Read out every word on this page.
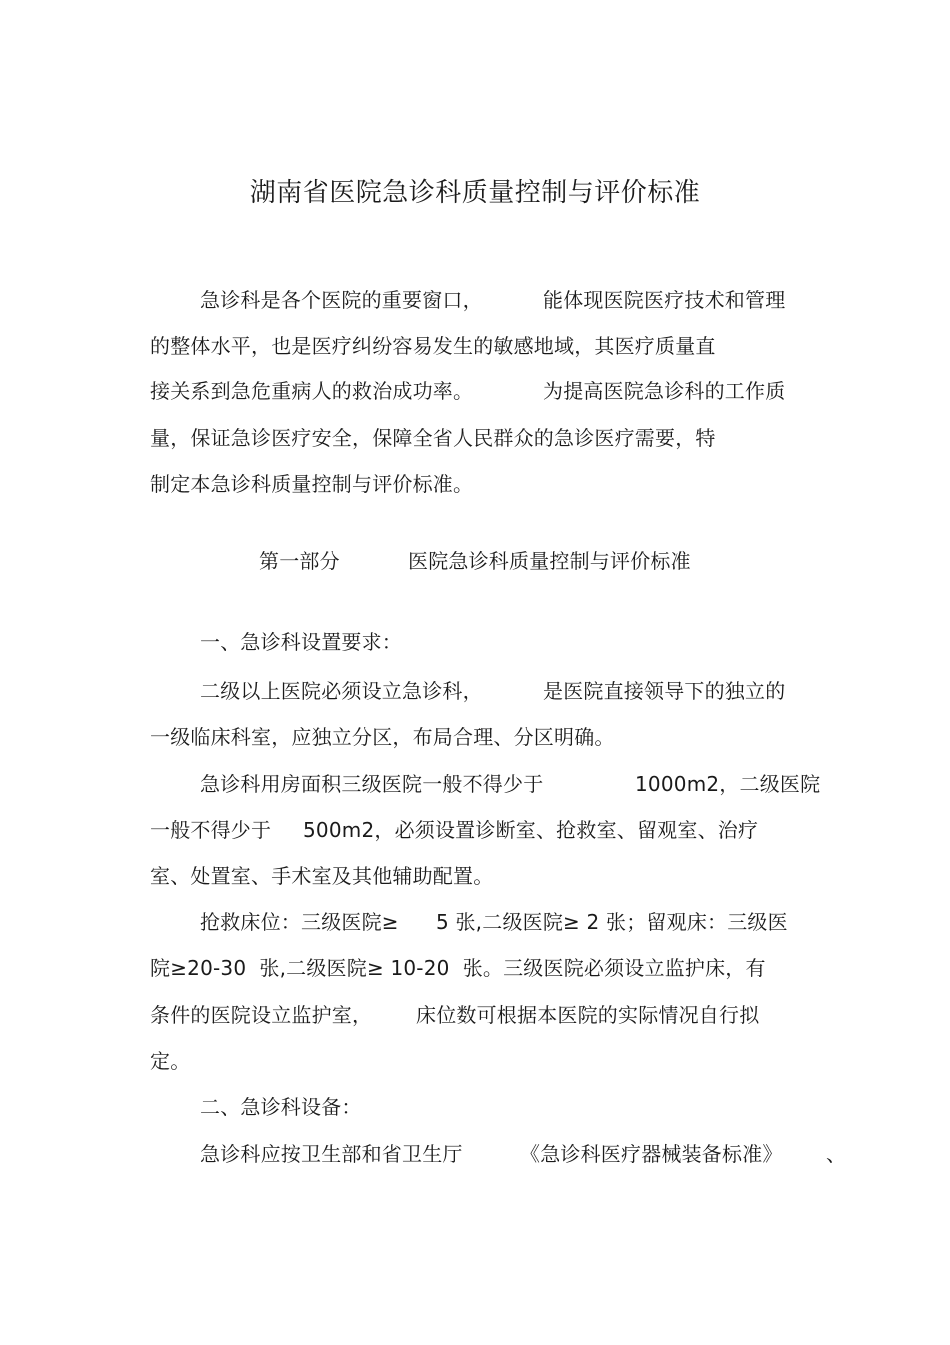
湖南省医院急诊科质量控制与评价标准
急诊科是各个医院的重要窗口，	能体现医院医疗技术和管理
的整体水平，也是医疗纠纷容易发生的敏感地域，其医疗质量直
接关系到急危重病人的救治成功率。	为提高医院急诊科的工作质
量，保证急诊医疗安全，保障全省人民群众的急诊医疗需要，特
制定本急诊科质量控制与评价标准。
第一部分	医院急诊科质量控制与评价标准
一、急诊科设置要求：
二级以上医院必须设立急诊科，	是医院直接领导下的独立的
一级临床科室，应独立分区，布局合理、分区明确。
急诊科用房面积三级医院一般不得少于	1000m2，二级医院
一般不得少于 500m2，必须设置诊断室、抢救室、留观室、治疗
室、处置室、手术室及其他辅助配置。
抢救床位：三级医院≥ 5 张,二级医院≥ 2 张；留观床：三级医
院≥20-30  张,二级医院≥ 10-20  张。三级医院必须设立监护床，有
条件的医院设立监护室， 床位数可根据本医院的实际情况自行拟
定。
二、急诊科设备：
急诊科应按卫生部和省卫生厅	《急诊科医疗器械装备标准》 、
